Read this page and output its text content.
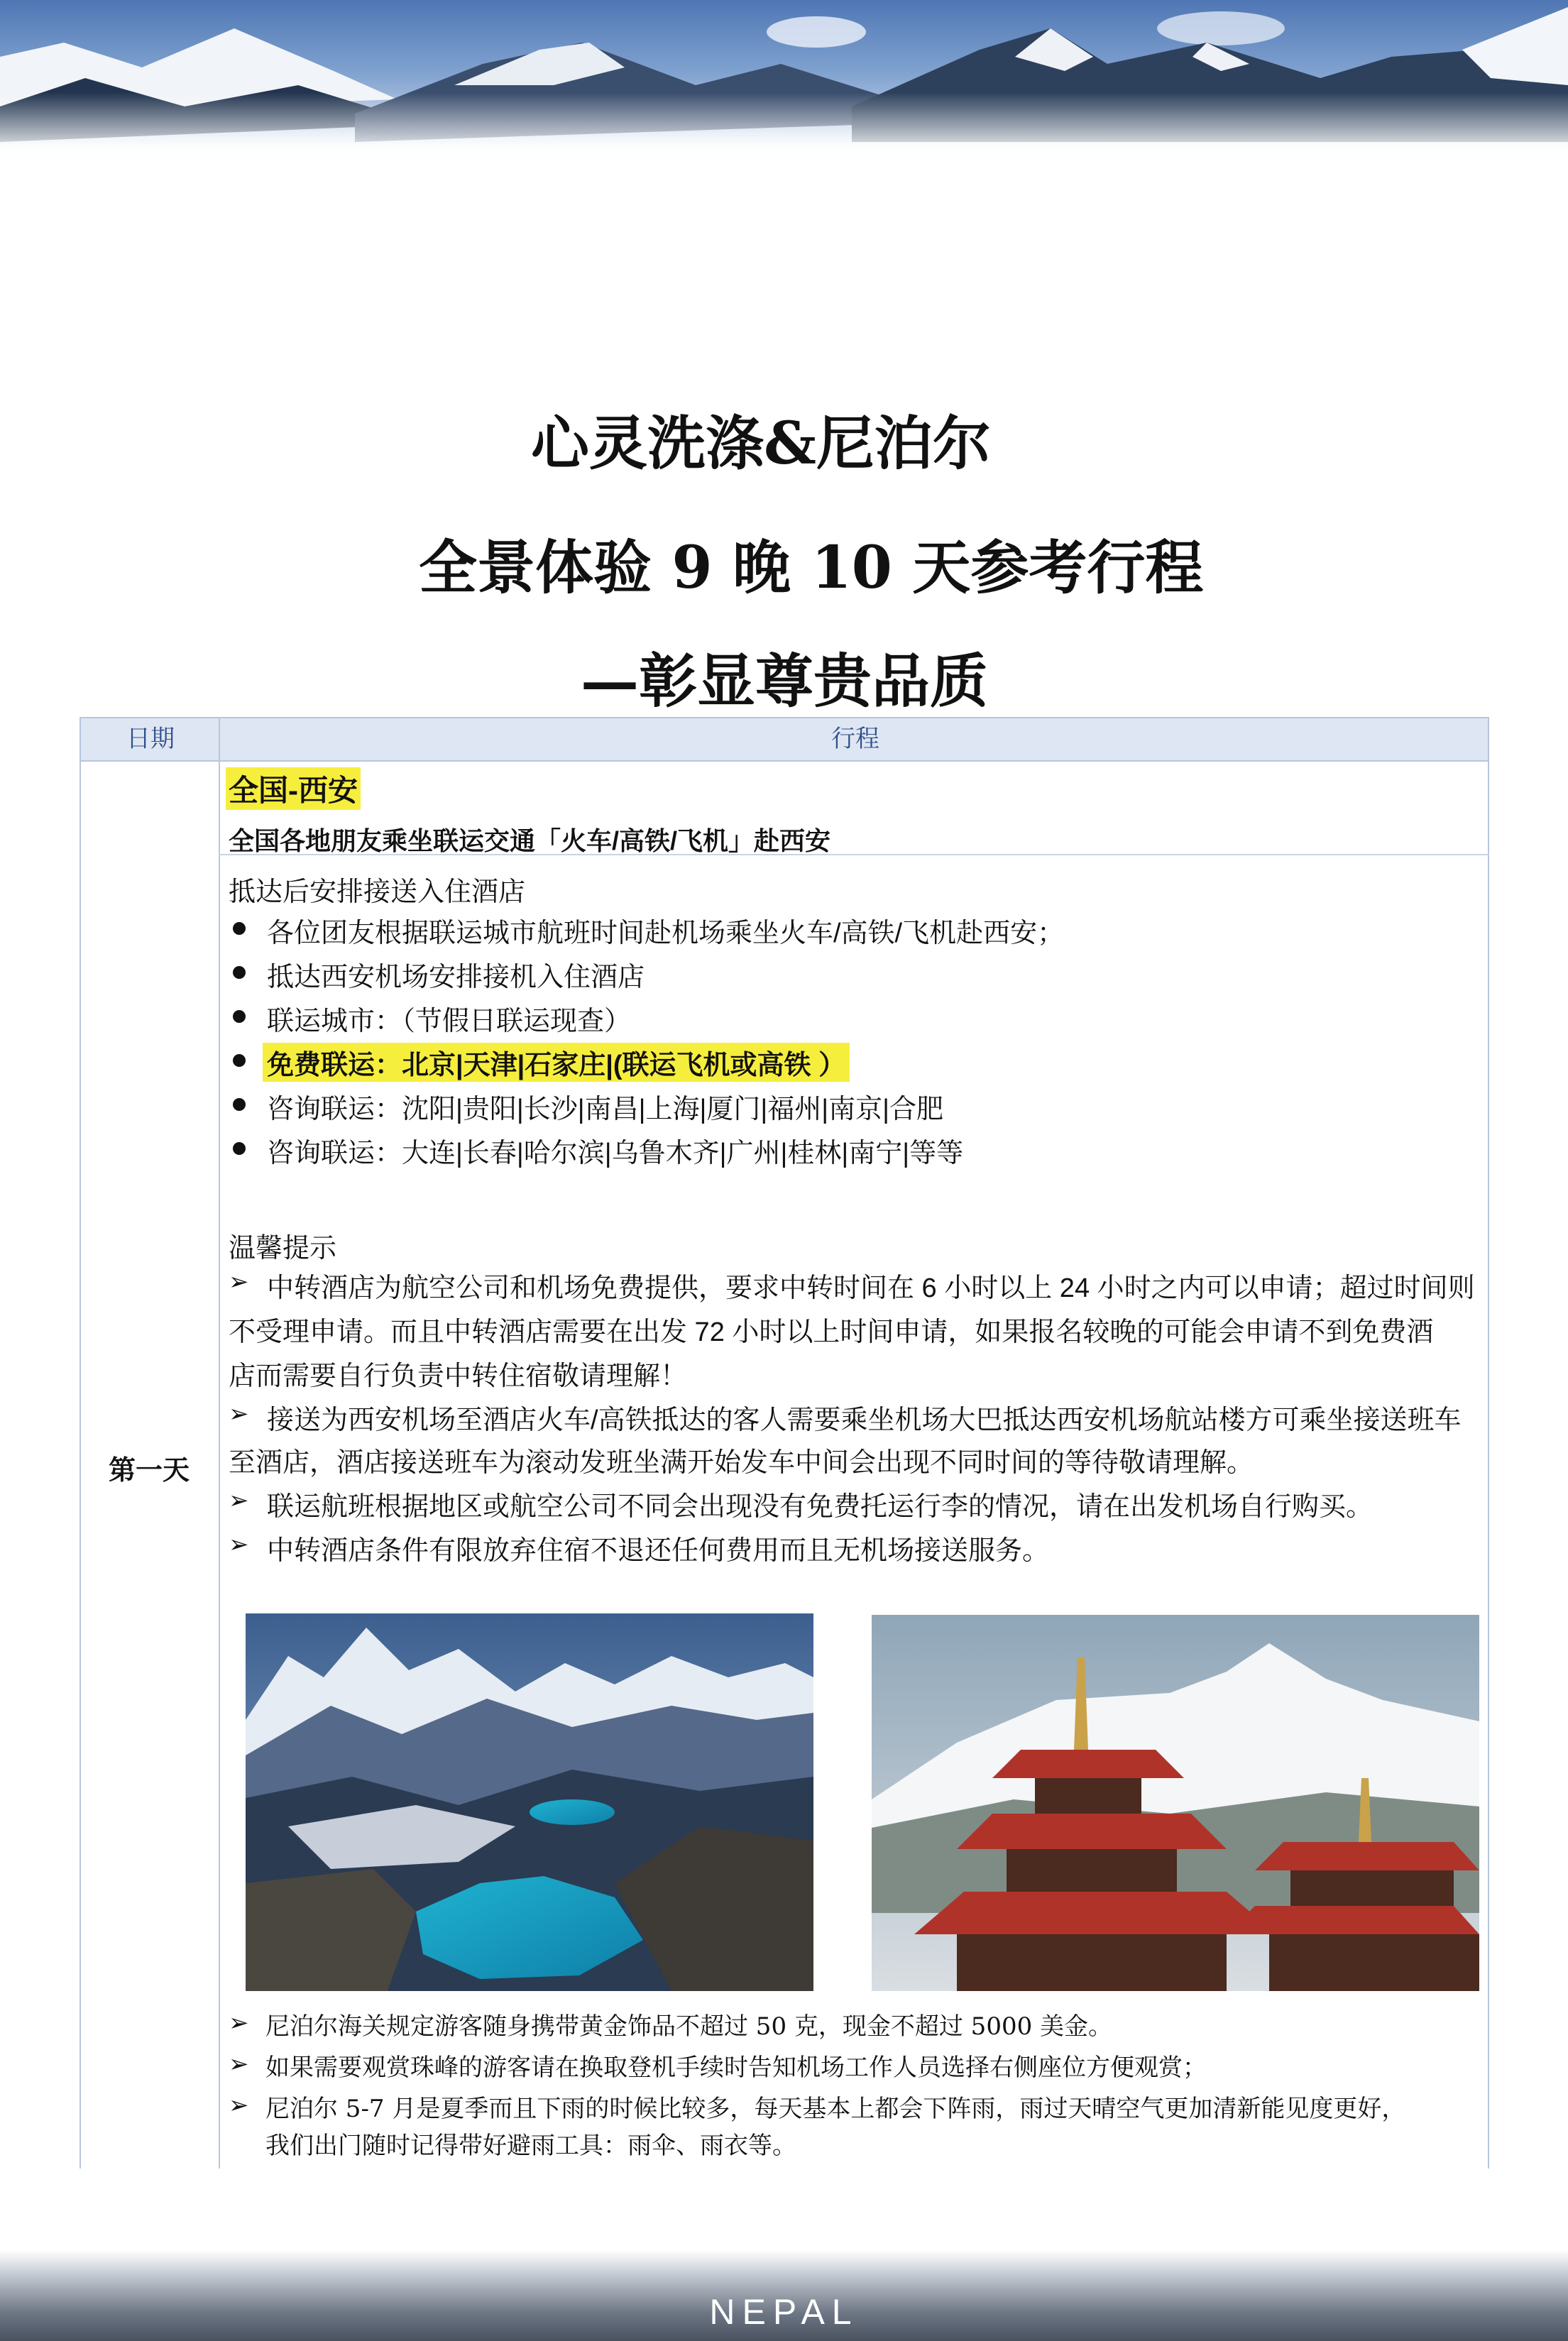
心灵洗涤&尼泊尔
全景体验 9 晚 10 天参考行程
—彰显尊贵品质
日期	行程
第一天
全国-西安
全国各地朋友乘坐联运交通「火车/高铁/飞机」赴西安
抵达后安排接送入住酒店
各位团友根据联运城市航班时间赴机场乘坐火车/高铁/飞机赴西安；
抵达西安机场安排接机入住酒店
联运城市：（节假日联运现查）
免费联运：北京|天津|石家庄|(联运飞机或高铁 ）
咨询联运：沈阳|贵阳|长沙|南昌|上海|厦门|福州|南京|合肥
咨询联运：大连|长春|哈尔滨|乌鲁木齐|广州|桂林|南宁|等等
温馨提示
➢ 中转酒店为航空公司和机场免费提供，要求中转时间在 6 小时以上 24 小时之内可以申请；超过时间则
不受理申请。而且中转酒店需要在出发 72 小时以上时间申请，如果报名较晚的可能会申请不到免费酒
店而需要自行负责中转住宿敬请理解！
➢ 接送为西安机场至酒店火车/高铁抵达的客人需要乘坐机场大巴抵达西安机场航站楼方可乘坐接送班车
至酒店，酒店接送班车为滚动发班坐满开始发车中间会出现不同时间的等待敬请理解。
➢ 联运航班根据地区或航空公司不同会出现没有免费托运行李的情况，请在出发机场自行购买。
➢ 中转酒店条件有限放弃住宿不退还任何费用而且无机场接送服务。
➢ 尼泊尔海关规定游客随身携带黄金饰品不超过 50 克，现金不超过 5000 美金。
➢ 如果需要观赏珠峰的游客请在换取登机手续时告知机场工作人员选择右侧座位方便观赏；
➢ 尼泊尔 5-7 月是夏季而且下雨的时候比较多，每天基本上都会下阵雨，雨过天晴空气更加清新能见度更好，
我们出门随时记得带好避雨工具：雨伞、雨衣等。
NEPAL
